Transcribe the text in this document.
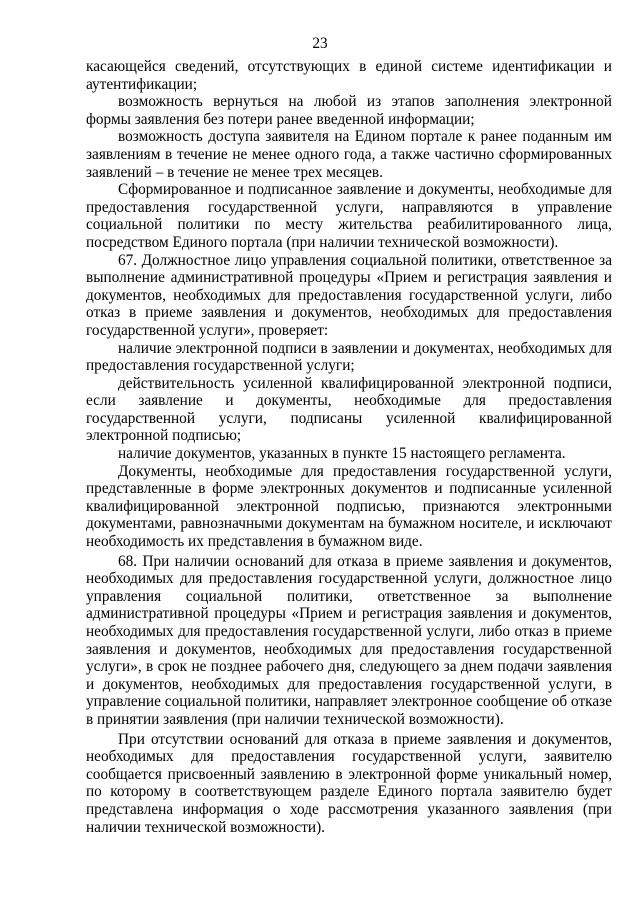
23

касающейся сведений, отсутствующих в единой системе идентификации и аутентификации;

возможность вернуться на любой из этапов заполнения электронной формы заявления без потери ранее введенной информации;

возможность доступа заявителя на Едином портале к ранее поданным им заявлениям в течение не менее одного года, а также частично сформированных заявлений – в течение не менее трех месяцев.

Сформированное и подписанное заявление и документы, необходимые для предоставления государственной услуги, направляются в управление социальной политики по месту жительства реабилитированного лица, посредством Единого портала (при наличии технической возможности).

67. Должностное лицо управления социальной политики, ответственное за выполнение административной процедуры «Прием и регистрация заявления и документов, необходимых для предоставления государственной услуги, либо отказ в приеме заявления и документов, необходимых для предоставления государственной услуги», проверяет:

наличие электронной подписи в заявлении и документах, необходимых для предоставления государственной услуги;

действительность усиленной квалифицированной электронной подписи, если заявление и документы, необходимые для предоставления государственной услуги, подписаны усиленной квалифицированной электронной подписью;

наличие документов, указанных в пункте 15 настоящего регламента.

Документы, необходимые для предоставления государственной услуги, представленные в форме электронных документов и подписанные усиленной квалифицированной электронной подписью, признаются электронными документами, равнозначными документам на бумажном носителе, и исключают необходимость их представления в бумажном виде.

68. При наличии оснований для отказа в приеме заявления и документов, необходимых для предоставления государственной услуги, должностное лицо управления социальной политики, ответственное за выполнение административной процедуры «Прием и регистрация заявления и документов, необходимых для предоставления государственной услуги, либо отказ в приеме заявления и документов, необходимых для предоставления государственной услуги», в срок не позднее рабочего дня, следующего за днем подачи заявления и документов, необходимых для предоставления государственной услуги, в управление социальной политики, направляет электронное сообщение об отказе в принятии заявления (при наличии технической возможности).

При отсутствии оснований для отказа в приеме заявления и документов, необходимых для предоставления государственной услуги, заявителю сообщается присвоенный заявлению в электронной форме уникальный номер, по которому в соответствующем разделе Единого портала заявителю будет представлена информация о ходе рассмотрения указанного заявления (при наличии технической возможности).
